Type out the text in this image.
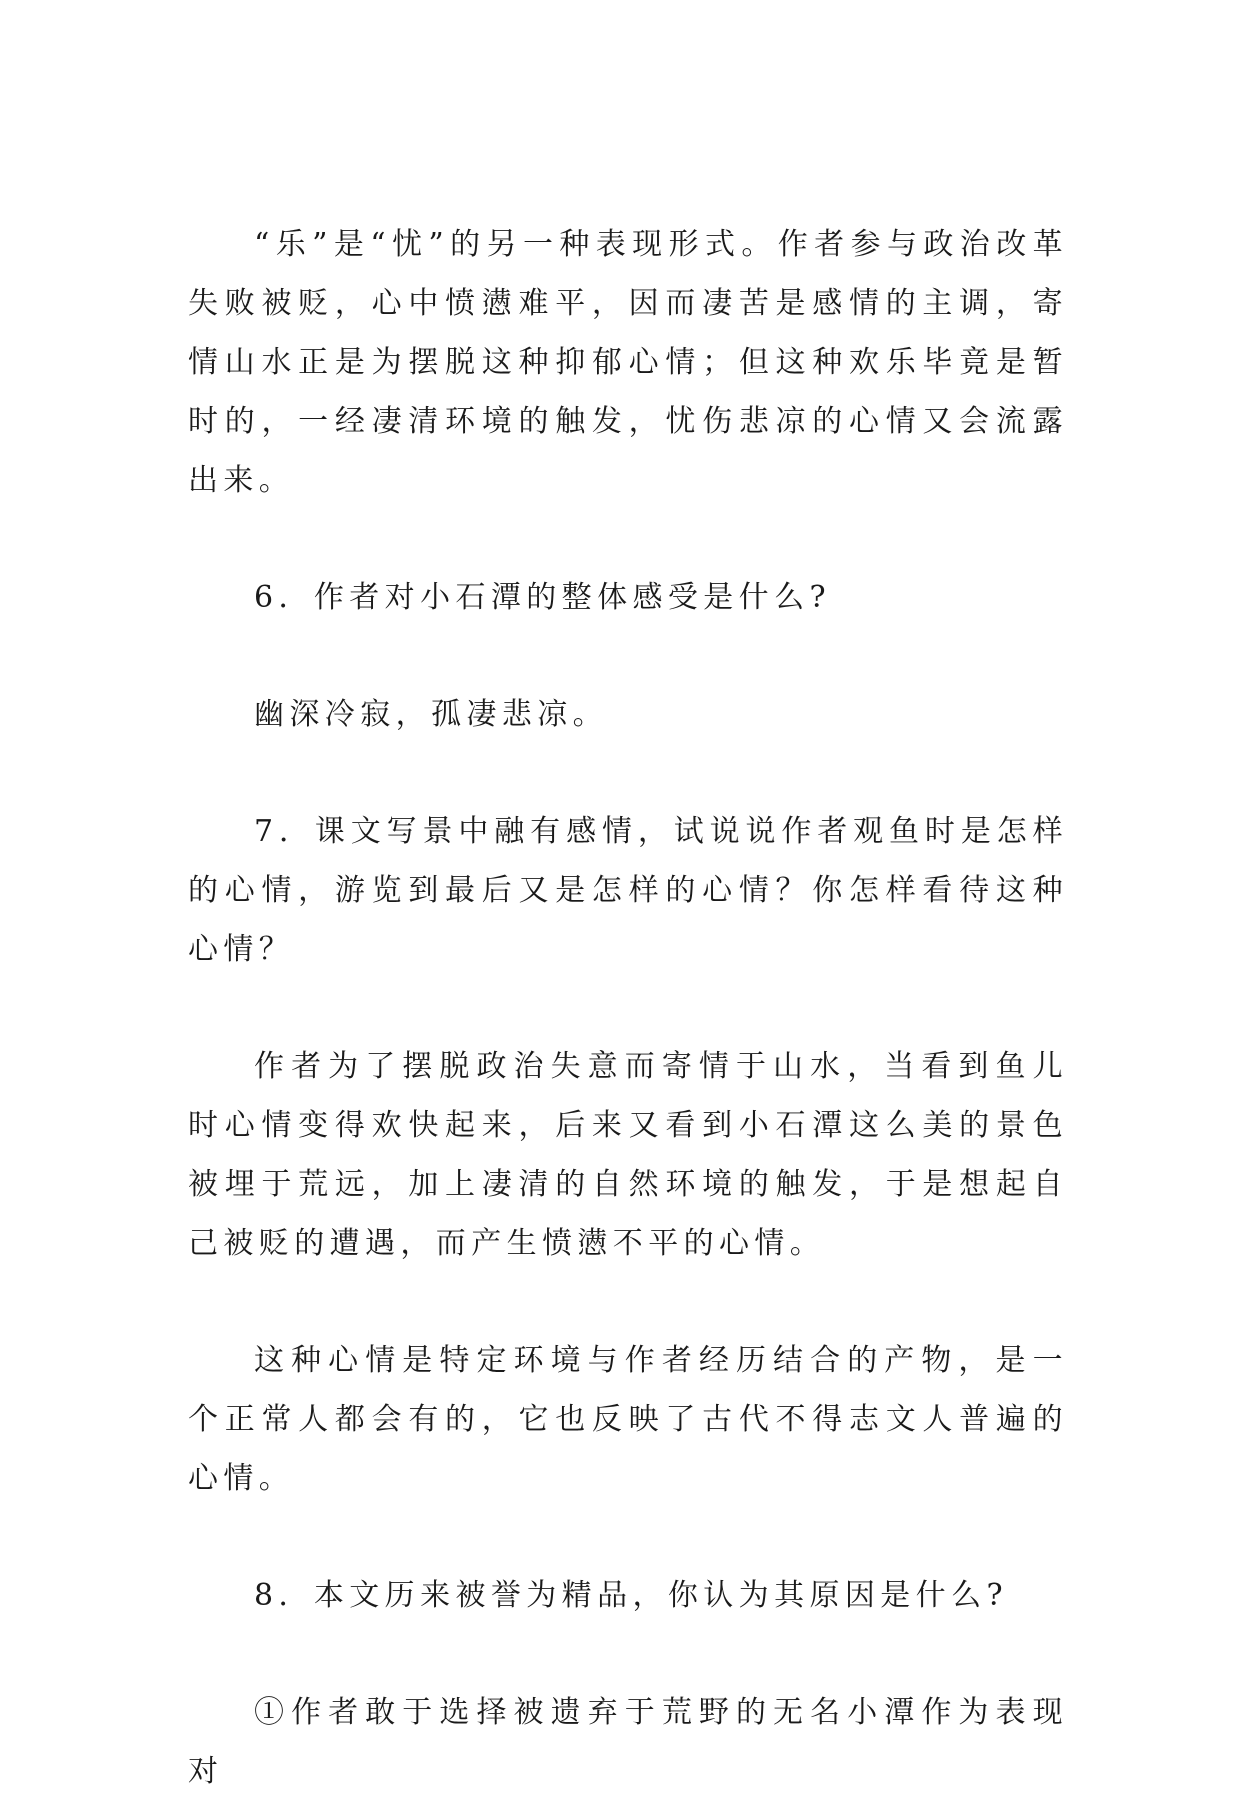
“乐”是“忧”的另一种表现形式。作者参与政治改革失败被贬，心中愤懑难平，因而凄苦是感情的主调，寄情山水正是为摆脱这种抑郁心情；但这种欢乐毕竟是暂时的，一经凄清环境的触发，忧伤悲凉的心情又会流露出来。

6．作者对小石潭的整体感受是什么?

幽深冷寂，孤凄悲凉。

7．课文写景中融有感情，试说说作者观鱼时是怎样的心情，游览到最后又是怎样的心情？你怎样看待这种心情？

作者为了摆脱政治失意而寄情于山水，当看到鱼儿时心情变得欢快起来，后来又看到小石潭这么美的景色被埋于荒远，加上凄清的自然环境的触发，于是想起自己被贬的遭遇，而产生愤懑不平的心情。

这种心情是特定环境与作者经历结合的产物，是一个正常人都会有的，它也反映了古代不得志文人普遍的心情。

8．本文历来被誉为精品，你认为其原因是什么?

①作者敢于选择被遗弃于荒野的无名小潭作为表现对
